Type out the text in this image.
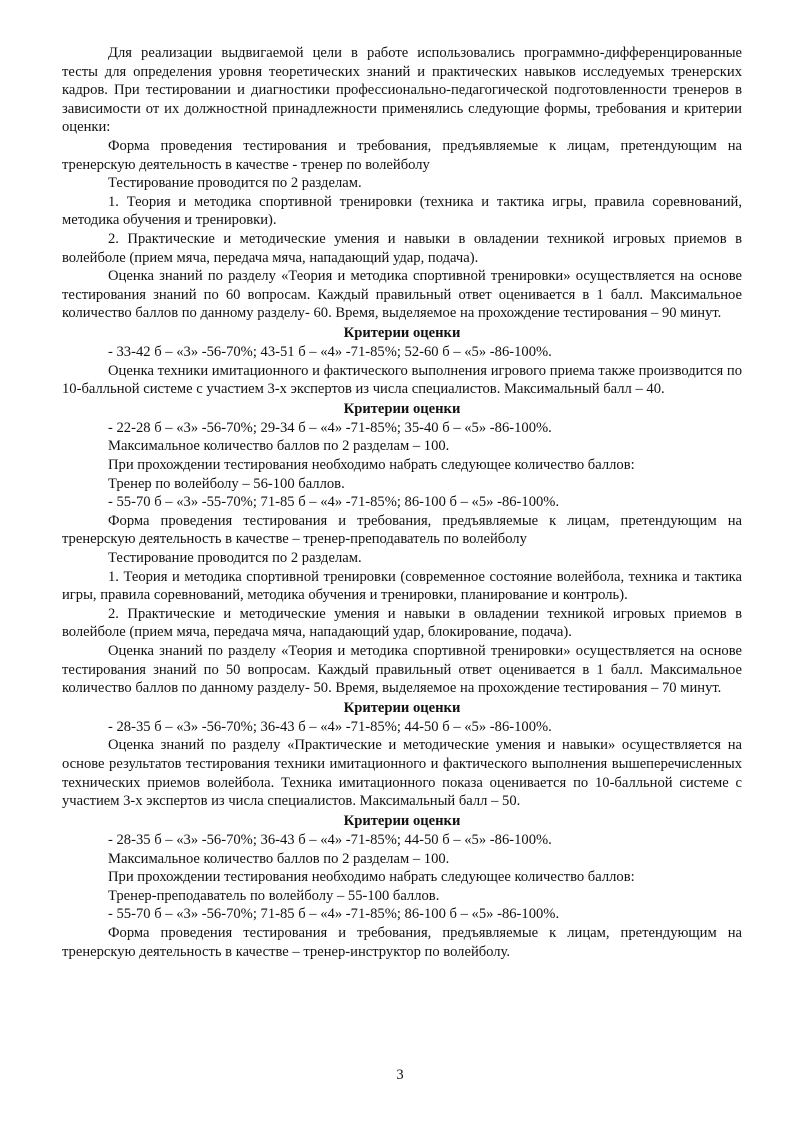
Для реализации выдвигаемой цели в работе использовались программно-дифференцированные тесты для определения уровня теоретических знаний и практических навыков исследуемых тренерских кадров. При тестировании и диагностики профессионально-педагогической подготовленности тренеров в зависимости от их должностной принадлежности применялись следующие формы, требования и критерии оценки:

Форма проведения тестирования и требования, предъявляемые к лицам, претендующим на тренерскую деятельность в качестве - тренер по волейболу

Тестирование проводится по 2 разделам.

1. Теория и методика спортивной тренировки (техника и тактика игры, правила соревнований, методика обучения и тренировки).

2. Практические и методические умения и навыки в овладении техникой игровых приемов в волейболе (прием мяча, передача мяча, нападающий удар, подача).

Оценка знаний по разделу «Теория и методика спортивной тренировки» осуществляется на основе тестирования знаний по 60 вопросам. Каждый правильный ответ оценивается в 1 балл. Максимальное количество баллов по данному разделу- 60. Время, выделяемое на прохождение тестирования – 90 минут.

Критерии оценки

- 33-42 б – «3» -56-70%; 43-51 б – «4» -71-85%; 52-60 б – «5» -86-100%.

Оценка техники имитационного и фактического выполнения игрового приема также производится по 10-балльной системе с участием 3-х экспертов из числа специалистов. Максимальный балл – 40.

Критерии оценки

- 22-28 б – «3» -56-70%; 29-34 б – «4» -71-85%; 35-40 б – «5» -86-100%.

Максимальное количество баллов по 2 разделам – 100.

При прохождении тестирования необходимо набрать следующее количество баллов:

Тренер по волейболу – 56-100 баллов.

- 55-70 б – «3» -55-70%; 71-85 б – «4» -71-85%; 86-100 б – «5» -86-100%.

Форма проведения тестирования и требования, предъявляемые к лицам, претендующим на тренерскую деятельность в качестве – тренер-преподаватель по волейболу

Тестирование проводится по 2 разделам.

1. Теория и методика спортивной тренировки (современное состояние волейбола, техника и тактика игры, правила соревнований, методика обучения и тренировки, планирование и контроль).

2. Практические и методические умения и навыки в овладении техникой игровых приемов в волейболе (прием мяча, передача мяча, нападающий удар, блокирование, подача).

Оценка знаний по разделу «Теория и методика спортивной тренировки» осуществляется на основе тестирования знаний по 50 вопросам. Каждый правильный ответ оценивается в 1 балл. Максимальное количество баллов по данному разделу- 50. Время, выделяемое на прохождение тестирования – 70 минут.

Критерии оценки

- 28-35 б – «3» -56-70%; 36-43 б – «4» -71-85%; 44-50 б – «5» -86-100%.

Оценка знаний по разделу «Практические и методические умения и навыки» осуществляется на основе результатов тестирования техники имитационного и фактического выполнения вышеперечисленных технических приемов волейбола. Техника имитационного показа оценивается по 10-балльной системе с участием 3-х экспертов из числа специалистов. Максимальный балл – 50.

Критерии оценки

- 28-35 б – «3» -56-70%; 36-43 б – «4» -71-85%; 44-50 б – «5» -86-100%.

Максимальное количество баллов по 2 разделам – 100.

При прохождении тестирования необходимо набрать следующее количество баллов:

Тренер-преподаватель по волейболу – 55-100 баллов.

- 55-70 б – «3» -56-70%; 71-85 б – «4» -71-85%; 86-100 б – «5» -86-100%.

Форма проведения тестирования и требования, предъявляемые к лицам, претендующим на тренерскую деятельность в качестве – тренер-инструктор по волейболу.

3
